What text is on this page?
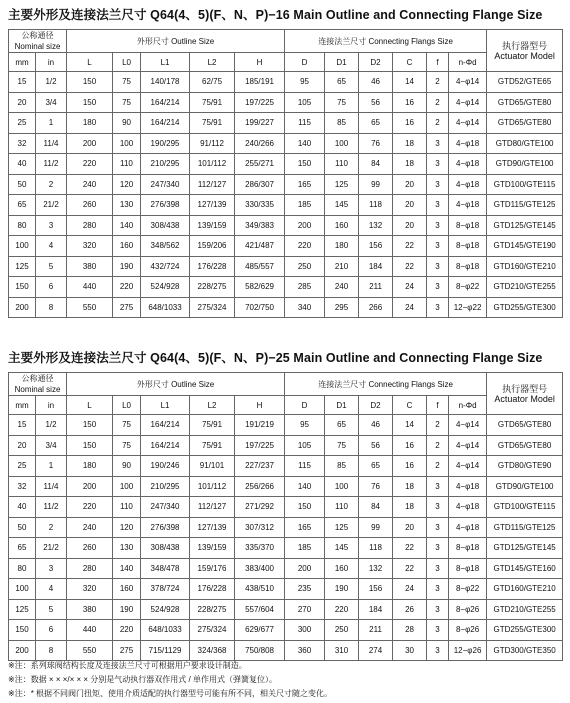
主要外形及连接法兰尺寸 Q64(4、5)(F、N、P)−16 Main Outline and Connecting Flange Size
公称通径
Nominal size		外形尺寸 Outline Size					连接法兰尺寸 Connecting Flangs Size						执行器型号
Actuator Model
mm	in	L	L0	L1	L2	H	D	D1	D2	C	f	n-Φd	
15	1/2	150	75	140/178	62/75	185/191	95	65	46	14	2	4−φ14	GTD52/GTE65
20	3/4	150	75	164/214	75/91	197/225	105	75	56	16	2	4−φ14	GTD65/GTE80
25	1	180	90	164/214	75/91	199/227	115	85	65	16	2	4−φ14	GTD65/GTE80
32	11/4	200	100	190/295	91/112	240/266	140	100	76	18	3	4−φ18	GTD80/GTE100
40	11/2	220	110	210/295	101/112	255/271	150	110	84	18	3	4−φ18	GTD90/GTE100
50	2	240	120	247/340	112/127	286/307	165	125	99	20	3	4−φ18	GTD100/GTE115
65	21/2	260	130	276/398	127/139	330/335	185	145	118	20	3	4−φ18	GTD115/GTE125
80	3	280	140	308/438	139/159	349/383	200	160	132	20	3	8−φ18	GTD125/GTE145
100	4	320	160	348/562	159/206	421/487	220	180	156	22	3	8−φ18	GTD145/GTE190
125	5	380	190	432/724	176/228	485/557	250	210	184	22	3	8−φ18	GTD160/GTE210
150	6	440	220	524/928	228/275	582/629	285	240	211	24	3	8−φ22	GTD210/GTE255
200	8	550	275	648/1033	275/324	702/750	340	295	266	24	3	12−φ22	GTD255/GTE300
主要外形及连接法兰尺寸 Q64(4、5)(F、N、P)−25 Main Outline and Connecting Flange Size
公称通径
Nominal size		外形尺寸 Outline Size					连接法兰尺寸 Connecting Flangs Size						执行器型号
Actuator Model
mm	in	L	L0	L1	L2	H	D	D1	D2	C	f	n-Φd	
15	1/2	150	75	164/214	75/91	191/219	95	65	46	14	2	4−φ14	GTD65/GTE80
20	3/4	150	75	164/214	75/91	197/225	105	75	56	16	2	4−φ14	GTD65/GTE80
25	1	180	90	190/246	91/101	227/237	115	85	65	16	2	4−φ14	GTD80/GTE90
32	11/4	200	100	210/295	101/112	256/266	140	100	76	18	3	4−φ18	GTD90/GTE100
40	11/2	220	110	247/340	112/127	271/292	150	110	84	18	3	4−φ18	GTD100/GTE115
50	2	240	120	276/398	127/139	307/312	165	125	99	20	3	4−φ18	GTD115/GTE125
65	21/2	260	130	308/438	139/159	335/370	185	145	118	22	3	8−φ18	GTD125/GTE145
80	3	280	140	348/478	159/176	383/400	200	160	132	22	3	8−φ18	GTD145/GTE160
100	4	320	160	378/724	176/228	438/510	235	190	156	24	3	8−φ22	GTD160/GTE210
125	5	380	190	524/928	228/275	557/604	270	220	184	26	3	8−φ26	GTD210/GTE255
150	6	440	220	648/1033	275/324	629/677	300	250	211	28	3	8−φ26	GTD255/GTE300
200	8	550	275	715/1129	324/368	750/808	360	310	274	30	3	12−φ26	GTD300/GTE350
※注：系列球阀结构长度及连接法兰尺寸可根据用户要求设计制造。
※注：数据 × × ×/× × × 分别是气动执行器双作用式 / 单作用式（弹簧复位）。
※注：* 根据不同阀门扭矩、使用介质适配的执行器型号可能有所不同，相关尺寸随之变化。
